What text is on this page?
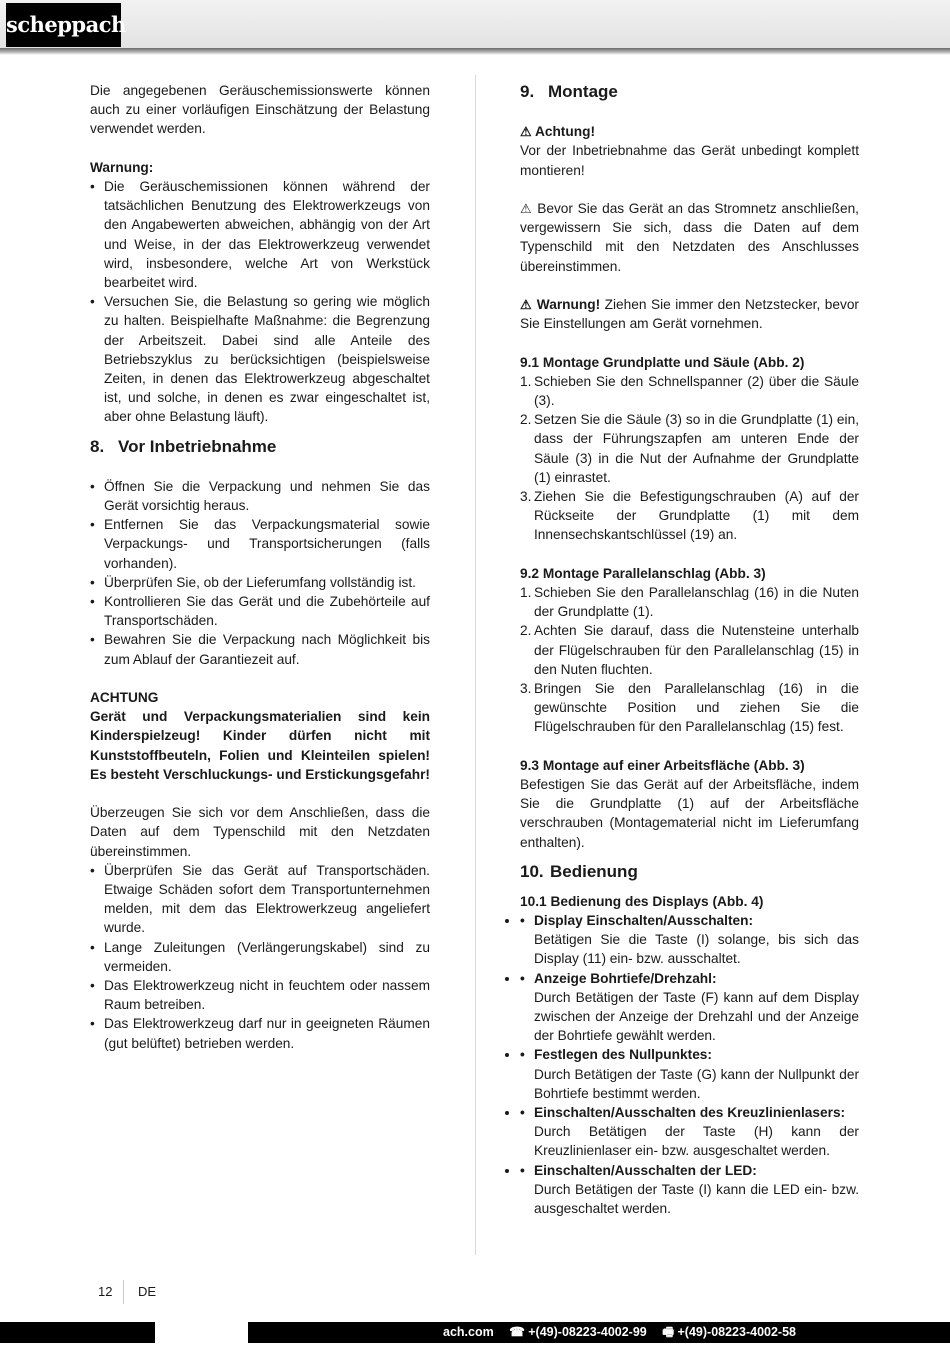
scheppach

Die angegebenen Geräuschemissionswerte können auch zu einer vorläufigen Einschätzung der Belastung verwendet werden.

Warnung:
• Die Geräuschemissionen können während der tatsächlichen Benutzung des Elektrowerkzeugs von den Angabewerten abweichen, abhängig von der Art und Weise, in der das Elektrowerkzeug verwendet wird, insbesondere, welche Art von Werkstück bearbeitet wird.
• Versuchen Sie, die Belastung so gering wie möglich zu halten. Beispielhafte Maßnahme: die Begrenzung der Arbeitszeit. Dabei sind alle Anteile des Betriebszyklus zu berücksichtigen (beispielsweise Zeiten, in denen das Elektrowerkzeug abgeschaltet ist, und solche, in denen es zwar eingeschaltet ist, aber ohne Belastung läuft).
8. Vor Inbetriebnahme
• Öffnen Sie die Verpackung und nehmen Sie das Gerät vorsichtig heraus.
• Entfernen Sie das Verpackungsmaterial sowie Verpackungs- und Transportsicherungen (falls vorhanden).
• Überprüfen Sie, ob der Lieferumfang vollständig ist.
• Kontrollieren Sie das Gerät und die Zubehörteile auf Transportschäden.
• Bewahren Sie die Verpackung nach Möglichkeit bis zum Ablauf der Garantiezeit auf.
ACHTUNG

Gerät und Verpackungsmaterialien sind kein Kinderspielzeug! Kinder dürfen nicht mit Kunststoffbeuteln, Folien und Kleinteilen spielen! Es besteht Verschluckungs- und Erstickungsgefahr!

Überzeugen Sie sich vor dem Anschließen, dass die Daten auf dem Typenschild mit den Netzdaten übereinstimmen.

• Überprüfen Sie das Gerät auf Transportschäden. Etwaige Schäden sofort dem Transportunternehmen melden, mit dem das Elektrowerkzeug angeliefert wurde.
• Lange Zuleitungen (Verlängerungskabel) sind zu vermeiden.
• Das Elektrowerkzeug nicht in feuchtem oder nassem Raum betreiben.
• Das Elektrowerkzeug darf nur in geeigneten Räumen (gut belüftet) betrieben werden.
9. Montage
⚠ Achtung!

Vor der Inbetriebnahme das Gerät unbedingt komplett montieren!

⚠ Bevor Sie das Gerät an das Stromnetz anschließen, vergewissern Sie sich, dass die Daten auf dem Typenschild mit den Netzdaten des Anschlusses übereinstimmen.

⚠ Warnung! Ziehen Sie immer den Netzstecker, bevor Sie Einstellungen am Gerät vornehmen.

9.1 Montage Grundplatte und Säule (Abb. 2)
1. Schieben Sie den Schnellspanner (2) über die Säule (3).
2. Setzen Sie die Säule (3) so in die Grundplatte (1) ein, dass der Führungszapfen am unteren Ende der Säule (3) in die Nut der Aufnahme der Grundplatte (1) einrastet.
3. Ziehen Sie die Befestigungschrauben (A) auf der Rückseite der Grundplatte (1) mit dem Innensechskantschlüssel (19) an.
9.2 Montage Parallelanschlag (Abb. 3)
1. Schieben Sie den Parallelanschlag (16) in die Nuten der Grundplatte (1).
2. Achten Sie darauf, dass die Nutensteine unterhalb der Flügelschrauben für den Parallelanschlag (15) in den Nuten fluchten.
3. Bringen Sie den Parallelanschlag (16) in die gewünschte Position und ziehen Sie die Flügelschrauben für den Parallelanschlag (15) fest.
9.3 Montage auf einer Arbeitsfläche (Abb. 3)

Befestigen Sie das Gerät auf der Arbeitsfläche, indem Sie die Grundplatte (1) auf der Arbeitsfläche verschrauben (Montagematerial nicht im Lieferumfang enthalten).

10. Bedienung
10.1 Bedienung des Displays (Abb. 4)
• • Display Einschalten/Ausschalten:
Betätigen Sie die Taste (I) solange, bis sich das Display (11) ein- bzw. ausschaltet.
• • Anzeige Bohrtiefe/Drehzahl:
Durch Betätigen der Taste (F) kann auf dem Display zwischen der Anzeige der Drehzahl und der Anzeige der Bohrtiefe gewählt werden.
• • Festlegen des Nullpunktes:
Durch Betätigen der Taste (G) kann der Nullpunkt der Bohrtiefe bestimmt werden.
• • Einschalten/Ausschalten des Kreuzlinienlasers:
Durch Betätigen der Taste (H) kann der Kreuzlinienlaser ein- bzw. ausgeschaltet werden.
• • Einschalten/Ausschalten der LED:
Durch Betätigen der Taste (I) kann die LED ein- bzw. ausgeschaltet werden.
12 DE
ach.com ☎ +(49)-08223-4002-99 🖷 +(49)-08223-4002-58
